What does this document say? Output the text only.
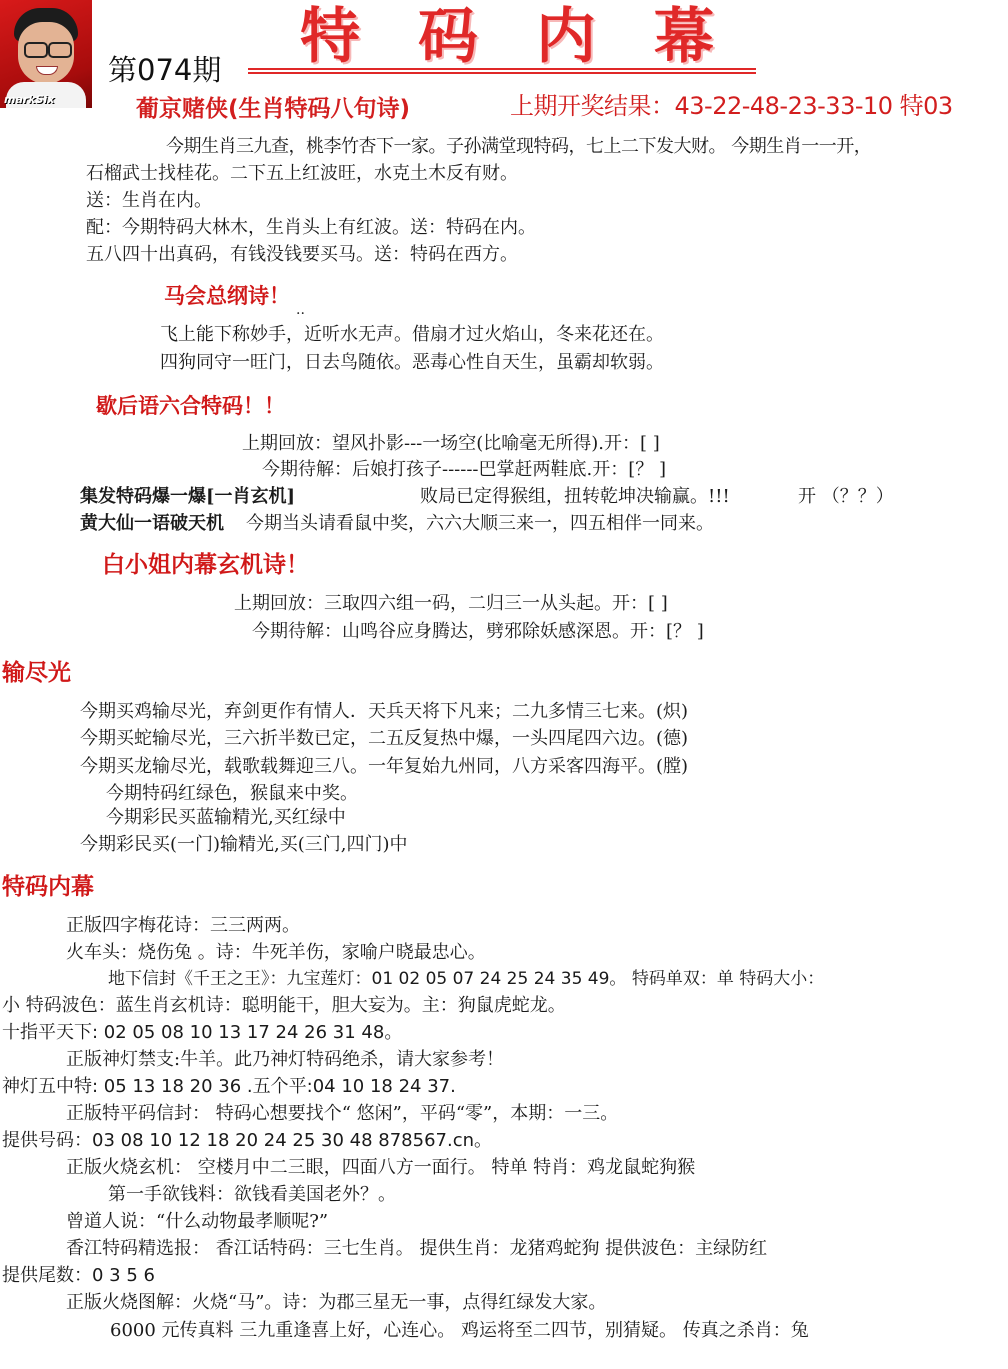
markSix
第074期 特码内幕
葡京赌侠(生肖特码八句诗)	上期开奖结果：43-22-48-23-33-10 特03
今期生肖三九查，桃李竹杏下一家。子孙满堂现特码，七上二下发大财。 今期生肖一一开，
石榴武士找桂花。二下五上红波旺，水克土木反有财。
送：生肖在内。
配：今期特码大林木，生肖头上有红波。送：特码在内。
五八四十出真码，有钱没钱要买马。送：特码在西方。
马会总纲诗！
..
飞上能下称妙手，近听水无声。借扇才过火焰山，冬来花还在。
四狗同守一旺门，日去鸟随依。恶毒心性自天生，虽霸却软弱。
歇后语六合特码！！
上期回放：望风扑影---一场空(比喻毫无所得).开：[ ]
今期待解：后娘打孩子------巴掌赶两鞋底.开：[？ ]
集发特码爆一爆[一肖玄机]	败局已定得猴组，扭转乾坤决输赢。!!!	开 （？？）
黄大仙一语破天机 今期当头请看鼠中奖，六六大顺三来一，四五相伴一同来。
白小姐内幕玄机诗！
上期回放：三取四六组一码，二归三一从头起。开：[ ]
今期待解：山鸣谷应身腾达，劈邪除妖感深恩。开：[？ ]
输尽光
今期买鸡输尽光，弃剑更作有情人．天兵天将下凡来；二九多情三七来。(炽)
今期买蛇输尽光，三六折半数已定，二五反复热中爆，一头四尾四六边。(德)
今期买龙输尽光，载歌载舞迎三八。一年复始九州同，八方采客四海平。(膛)
今期特码红绿色，猴鼠来中奖。
今期彩民买蓝输精光,买红绿中
今期彩民买(一门)输精光,买(三门,四门)中
特码内幕
正版四字梅花诗：三三两两。
火车头：烧伤兔 。诗：牛死羊伤，家喻户晓最忠心。
地下信封《千王之王》：九宝莲灯：01 02 05 07 24 25 24 35 49。 特码单双：单 特码大小：
小 特码波色：蓝生肖玄机诗：聪明能干，胆大妄为。主：狗鼠虎蛇龙。
十指平天下: 02 05 08 10 13 17 24 26 31 48。
正版神灯禁支:牛羊。此乃神灯特码绝杀，请大家参考！
神灯五中特: 05 13 18 20 36 .五个平:04 10 18 24 37.
正版特平码信封： 特码心想要找个“ 悠闲”，平码“零”，本期：一三。
提供号码：03 08 10 12 18 20 24 25 30 48 878567.cn。
正版火烧玄机： 空楼月中二三眼，四面八方一面行。 特单 特肖：鸡龙鼠蛇狗猴
第一手欲钱料：欲钱看美国老外？。
曾道人说：“什么动物最孝顺呢?”
香江特码精选报： 香江话特码：三七生肖。 提供生肖：龙猪鸡蛇狗 提供波色：主绿防红
提供尾数：0 3 5 6
正版火烧图解：火烧“马”。诗：为郡三星无一事，点得红绿发大家。
6000 元传真料 三九重逢喜上好，心连心。 鸡运将至二四节，别猜疑。 传真之杀肖：兔
